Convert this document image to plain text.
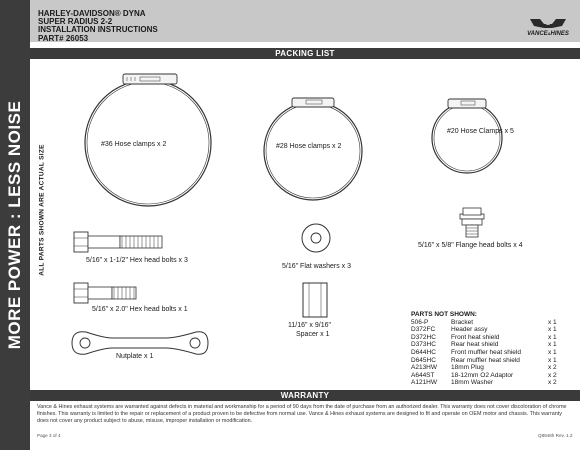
MORE POWER : LESS NOISE ALL PARTS SHOWN ARE ACTUAL SIZE
HARLEY-DAVIDSON® DYNA
SUPER RADIUS 2-2
INSTALLATION INSTRUCTIONS
PART# 26053	VANCE&HINES
PACKING LIST
#36 Hose clamps x 2	#28 Hose clamps x 2
#20 Hose Clamps x 5
5/16" x 1-1/2" Hex head bolts x 3
5/16" Flat washers x 3
5/16" x 5/8" Flange head bolts x 4
5/16" x 2.0" Hex head bolts x 1
11/16" x 9/16"
Spacer x 1
Nutplate x 1
PARTS NOT SHOWN:
506-P	Bracket	x 1
D372FC Header assy	x 1
D372HC Front heat shield	x 1
D373HC Rear heat shield	x 1
D644HC Front muffler heat shield	x 1
D645HC Rear muffler heat shield	x 1
A213HW 18mm Plug	x 2
A644ST	18-12mm O2 Adaptor	x 2
A121HW 18mm Washer	x 2
WARRANTY
Vance & Hines exhaust systems are warranted against defects in material and workmanship for a period of 90 days from the date of purchase from an authorized dealer. This warranty does not cover discoloration of chrome finishes. This warranty is limited to the repair or replacement of a product proven to be defective from normal use. Vance & Hines exhaust systems are designed to fit and operate on OEM motor and chassis. This warranty does not cover any product subject to abuse, misuse, improper installation or modification.
Page 3 of 4	Q8948h Rev. 1.2
